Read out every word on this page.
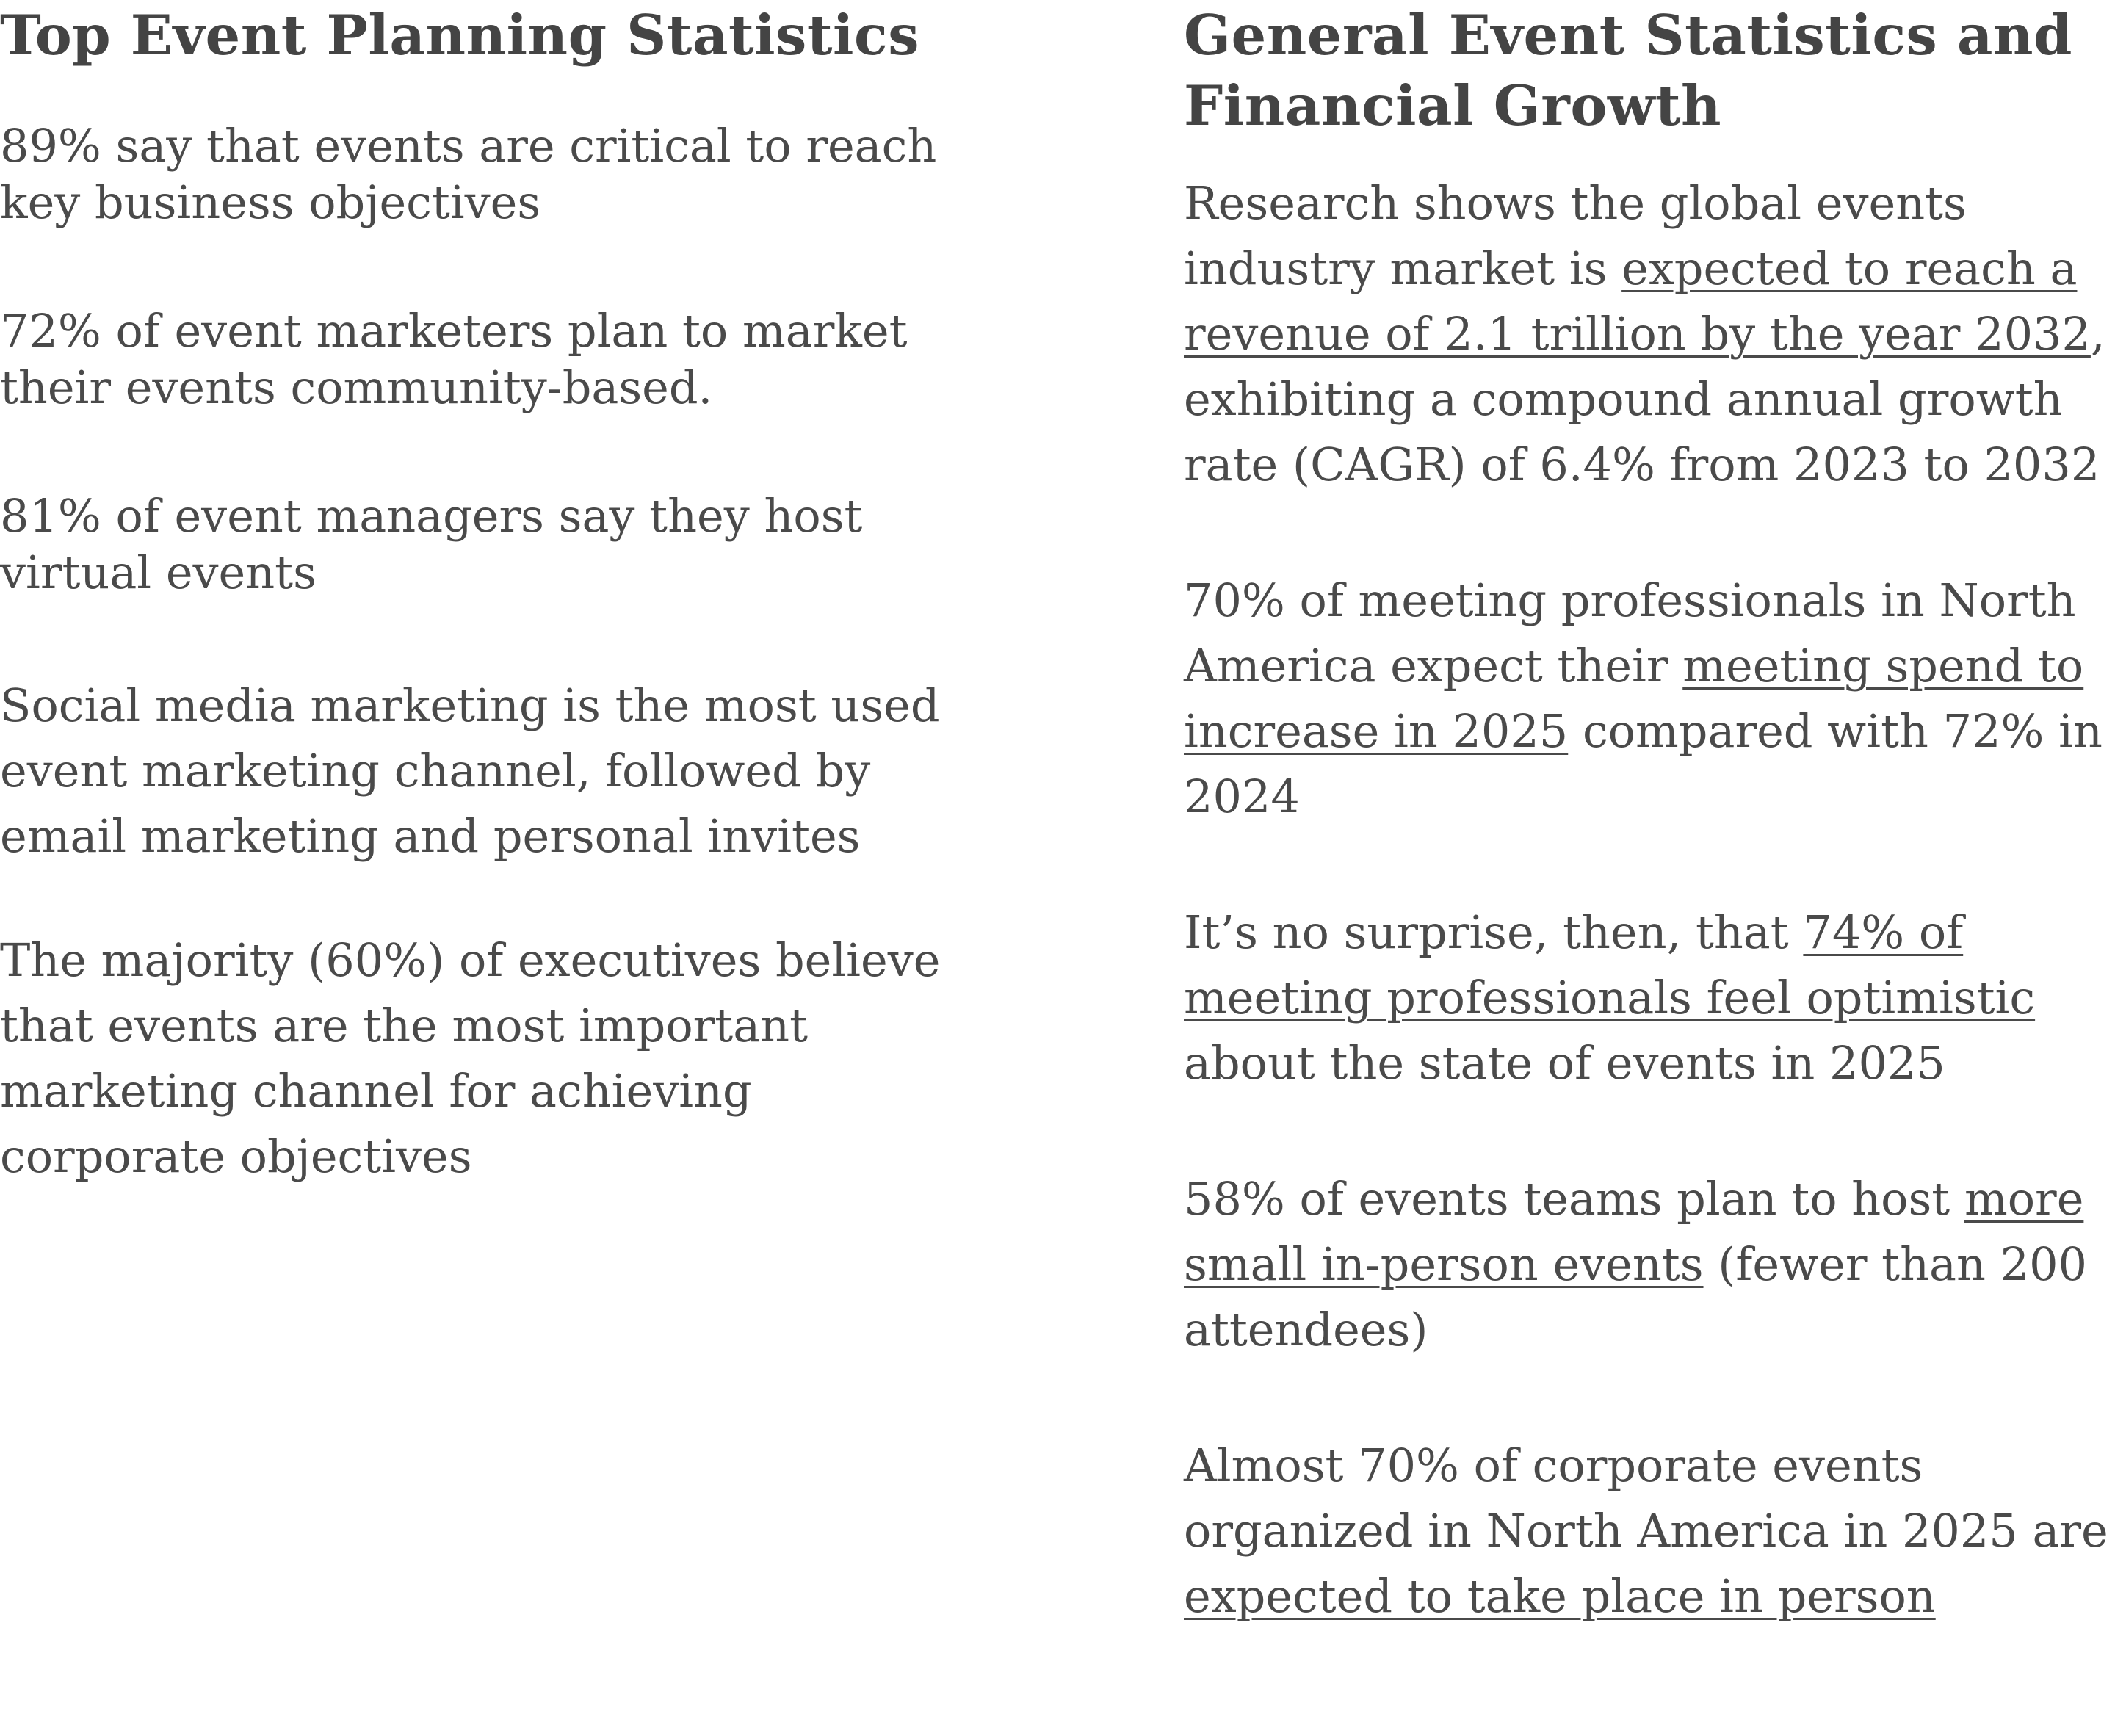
Top Event Planning Statistics

89% say that events are critical to reach key business objectives

72% of event marketers plan to market their events community-based.

81% of event managers say they host virtual events

Social media marketing is the most used event marketing channel, followed by email marketing and personal invites

The majority (60%) of executives believe that events are the most important marketing channel for achieving corporate objectives

General Event Statistics and Financial Growth

Research shows the global events industry market is expected to reach a revenue of 2.1 trillion by the year 2032, exhibiting a compound annual growth rate (CAGR) of 6.4% from 2023 to 2032

70% of meeting professionals in North America expect their meeting spend to increase in 2025 compared with 72% in 2024

It’s no surprise, then, that 74% of meeting professionals feel optimistic about the state of events in 2025

58% of events teams plan to host more small in-person events (fewer than 200 attendees)

Almost 70% of corporate events organized in North America in 2025 are expected to take place in person
